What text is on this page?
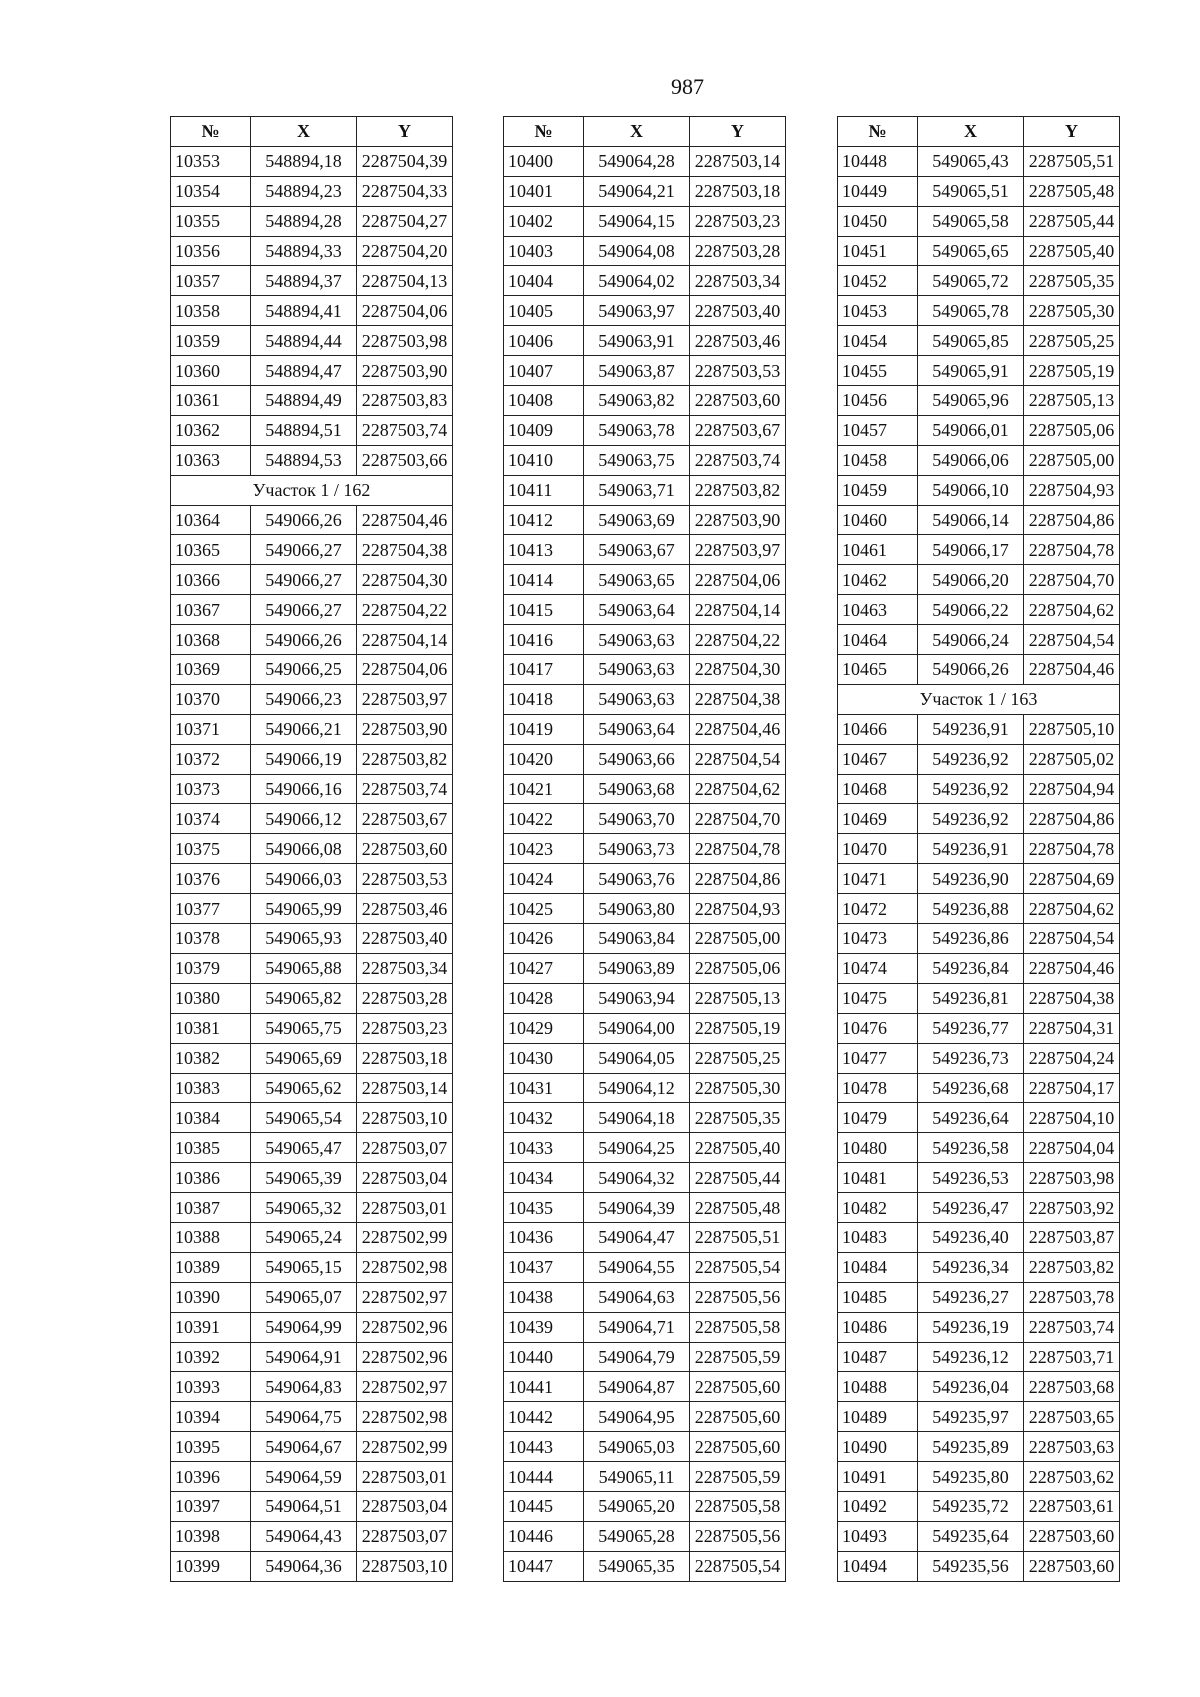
987
№	X	Y
10353	548894,18	2287504,39
10354	548894,23	2287504,33
10355	548894,28	2287504,27
10356	548894,33	2287504,20
10357	548894,37	2287504,13
10358	548894,41	2287504,06
10359	548894,44	2287503,98
10360	548894,47	2287503,90
10361	548894,49	2287503,83
10362	548894,51	2287503,74
10363	548894,53	2287503,66
Участок 1 / 162		
10364	549066,26	2287504,46
10365	549066,27	2287504,38
10366	549066,27	2287504,30
10367	549066,27	2287504,22
10368	549066,26	2287504,14
10369	549066,25	2287504,06
10370	549066,23	2287503,97
10371	549066,21	2287503,90
10372	549066,19	2287503,82
10373	549066,16	2287503,74
10374	549066,12	2287503,67
10375	549066,08	2287503,60
10376	549066,03	2287503,53
10377	549065,99	2287503,46
10378	549065,93	2287503,40
10379	549065,88	2287503,34
10380	549065,82	2287503,28
10381	549065,75	2287503,23
10382	549065,69	2287503,18
10383	549065,62	2287503,14
10384	549065,54	2287503,10
10385	549065,47	2287503,07
10386	549065,39	2287503,04
10387	549065,32	2287503,01
10388	549065,24	2287502,99
10389	549065,15	2287502,98
10390	549065,07	2287502,97
10391	549064,99	2287502,96
10392	549064,91	2287502,96
10393	549064,83	2287502,97
10394	549064,75	2287502,98
10395	549064,67	2287502,99
10396	549064,59	2287503,01
10397	549064,51	2287503,04
10398	549064,43	2287503,07
10399	549064,36	2287503,10
№	X	Y
10400	549064,28	2287503,14
10401	549064,21	2287503,18
10402	549064,15	2287503,23
10403	549064,08	2287503,28
10404	549064,02	2287503,34
10405	549063,97	2287503,40
10406	549063,91	2287503,46
10407	549063,87	2287503,53
10408	549063,82	2287503,60
10409	549063,78	2287503,67
10410	549063,75	2287503,74
10411	549063,71	2287503,82
10412	549063,69	2287503,90
10413	549063,67	2287503,97
10414	549063,65	2287504,06
10415	549063,64	2287504,14
10416	549063,63	2287504,22
10417	549063,63	2287504,30
10418	549063,63	2287504,38
10419	549063,64	2287504,46
10420	549063,66	2287504,54
10421	549063,68	2287504,62
10422	549063,70	2287504,70
10423	549063,73	2287504,78
10424	549063,76	2287504,86
10425	549063,80	2287504,93
10426	549063,84	2287505,00
10427	549063,89	2287505,06
10428	549063,94	2287505,13
10429	549064,00	2287505,19
10430	549064,05	2287505,25
10431	549064,12	2287505,30
10432	549064,18	2287505,35
10433	549064,25	2287505,40
10434	549064,32	2287505,44
10435	549064,39	2287505,48
10436	549064,47	2287505,51
10437	549064,55	2287505,54
10438	549064,63	2287505,56
10439	549064,71	2287505,58
10440	549064,79	2287505,59
10441	549064,87	2287505,60
10442	549064,95	2287505,60
10443	549065,03	2287505,60
10444	549065,11	2287505,59
10445	549065,20	2287505,58
10446	549065,28	2287505,56
10447	549065,35	2287505,54
№	X	Y
10448	549065,43	2287505,51
10449	549065,51	2287505,48
10450	549065,58	2287505,44
10451	549065,65	2287505,40
10452	549065,72	2287505,35
10453	549065,78	2287505,30
10454	549065,85	2287505,25
10455	549065,91	2287505,19
10456	549065,96	2287505,13
10457	549066,01	2287505,06
10458	549066,06	2287505,00
10459	549066,10	2287504,93
10460	549066,14	2287504,86
10461	549066,17	2287504,78
10462	549066,20	2287504,70
10463	549066,22	2287504,62
10464	549066,24	2287504,54
10465	549066,26	2287504,46
Участок 1 / 163		
10466	549236,91	2287505,10
10467	549236,92	2287505,02
10468	549236,92	2287504,94
10469	549236,92	2287504,86
10470	549236,91	2287504,78
10471	549236,90	2287504,69
10472	549236,88	2287504,62
10473	549236,86	2287504,54
10474	549236,84	2287504,46
10475	549236,81	2287504,38
10476	549236,77	2287504,31
10477	549236,73	2287504,24
10478	549236,68	2287504,17
10479	549236,64	2287504,10
10480	549236,58	2287504,04
10481	549236,53	2287503,98
10482	549236,47	2287503,92
10483	549236,40	2287503,87
10484	549236,34	2287503,82
10485	549236,27	2287503,78
10486	549236,19	2287503,74
10487	549236,12	2287503,71
10488	549236,04	2287503,68
10489	549235,97	2287503,65
10490	549235,89	2287503,63
10491	549235,80	2287503,62
10492	549235,72	2287503,61
10493	549235,64	2287503,60
10494	549235,56	2287503,60
